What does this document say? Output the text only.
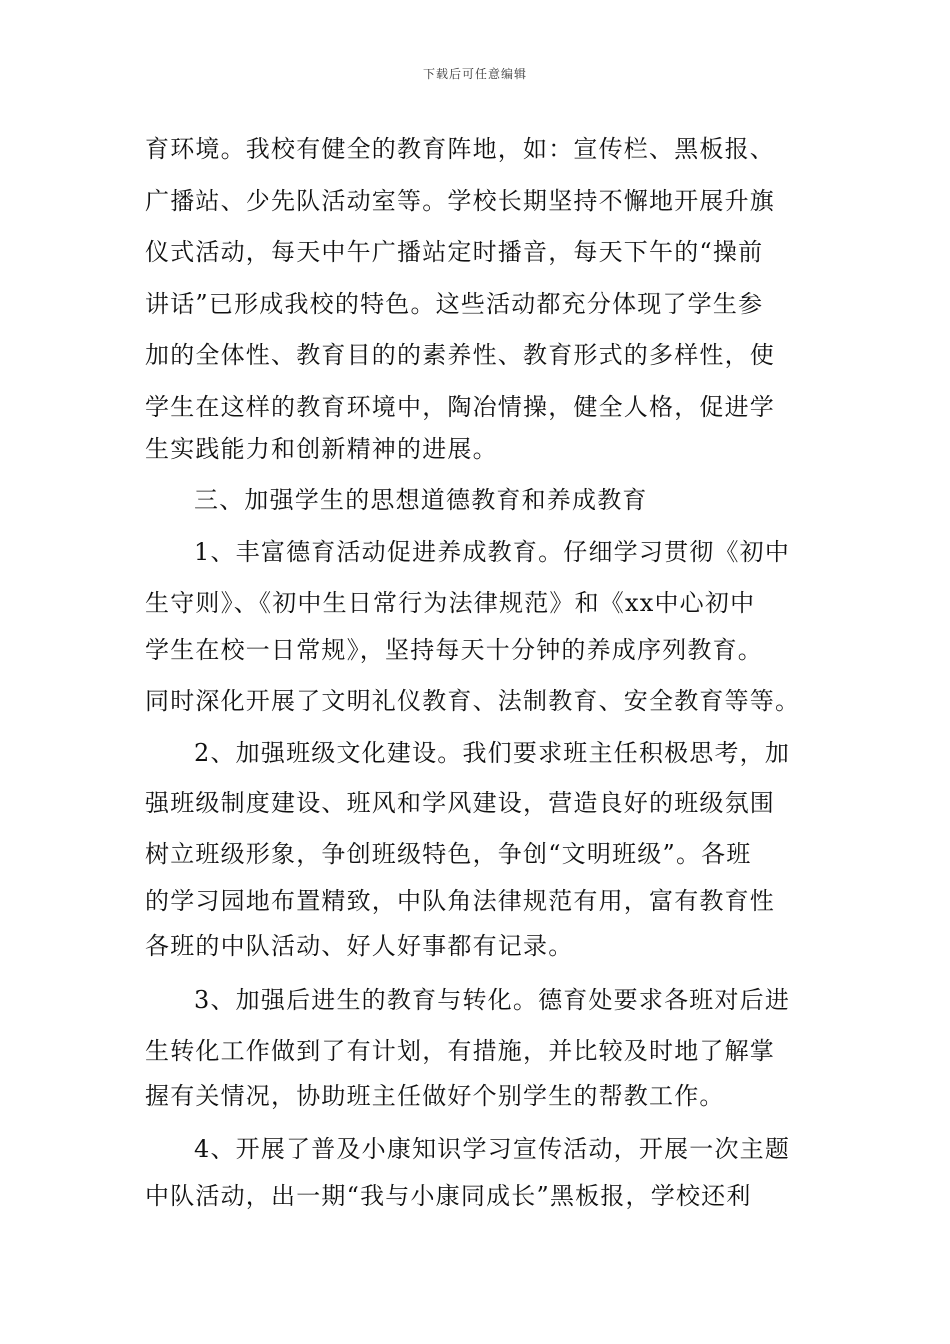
下载后可任意编辑
育环境。我校有健全的教育阵地，如：宣传栏、黑板报、
广播站、少先队活动室等。学校长期坚持不懈地开展升旗
仪式活动，每天中午广播站定时播音，每天下午的“操前
讲话”已形成我校的特色。这些活动都充分体现了学生参
加的全体性、教育目的的素养性、教育形式的多样性，使
学生在这样的教育环境中，陶冶情操，健全人格，促进学
生实践能力和创新精神的进展。
三、加强学生的思想道德教育和养成教育
1、丰富德育活动促进养成教育。仔细学习贯彻《初中
生守则》、《初中生日常行为法律规范》和《xx中心初中
学生在校一日常规》，坚持每天十分钟的养成序列教育。
同时深化开展了文明礼仪教育、法制教育、安全教育等等。
2、加强班级文化建设。我们要求班主任积极思考，加
强班级制度建设、班风和学风建设，营造良好的班级氛围
树立班级形象，争创班级特色，争创“文明班级”。各班
的学习园地布置精致，中队角法律规范有用，富有教育性
各班的中队活动、好人好事都有记录。
3、加强后进生的教育与转化。德育处要求各班对后进
生转化工作做到了有计划，有措施，并比较及时地了解掌
握有关情况，协助班主任做好个别学生的帮教工作。
4、开展了普及小康知识学习宣传活动，开展一次主题
中队活动，出一期“我与小康同成长”黑板报，学校还利
